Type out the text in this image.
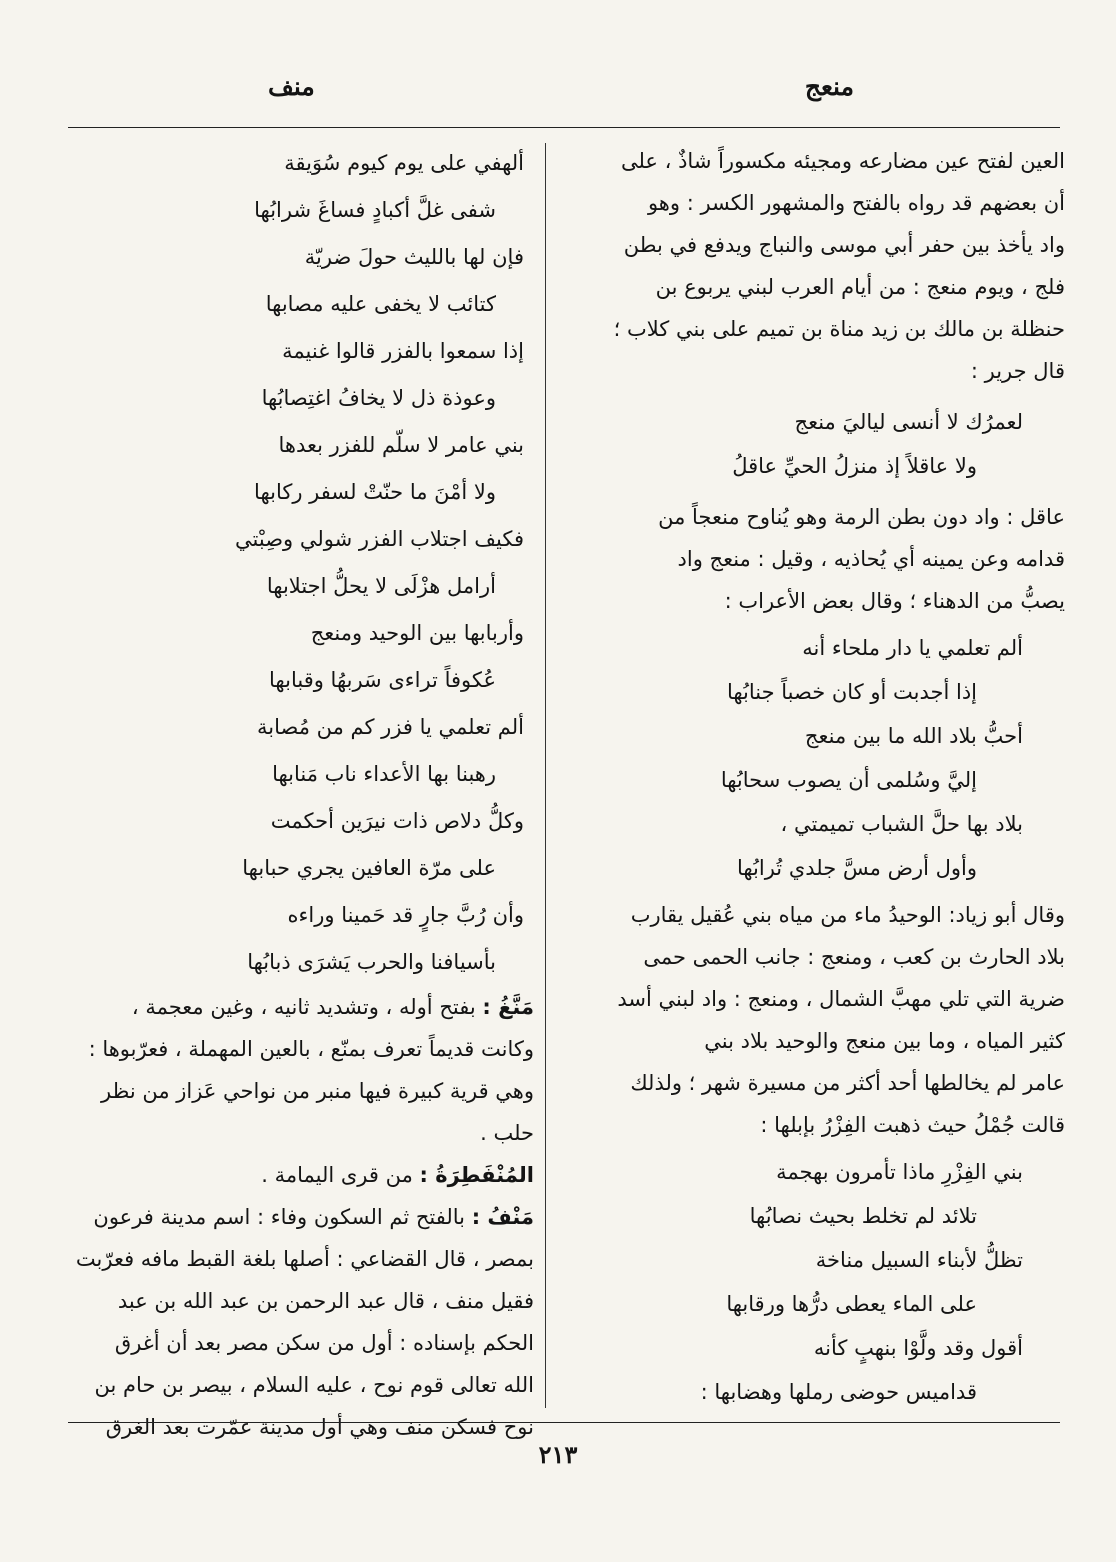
منعج
منف
العين لفتح عين مضارعه ومجيئه مكسوراً شاذٌ ، على
أن بعضهم قد رواه بالفتح والمشهور الكسر : وهو
واد يأخذ بين حفر أبي موسى والنباج ويدفع في بطن
فلج ، ويوم منعج : من أيام العرب لبني يربوع بن
حنظلة بن مالك بن زيد مناة بن تميم على بني كلاب ؛
قال جرير :
لعمرُك لا أنسى لياليَ منعج
ولا عاقلاً إذ منزلُ الحيِّ عاقلُ
عاقل : واد دون بطن الرمة وهو يُناوح منعجاً من
قدامه وعن يمينه أي يُحاذيه ، وقيل : منعج واد
يصبُّ من الدهناء ؛ وقال بعض الأعراب :
ألم تعلمي يا دار ملحاء أنه
إذا أجدبت أو كان خصباً جنابُها
أحبُّ بلاد الله ما بين منعج
إليَّ وسُلمى أن يصوب سحابُها
بلاد بها حلَّ الشباب تميمتي ،
وأول أرض مسَّ جلدي تُرابُها
وقال أبو زياد: الوحيدُ ماء من مياه بني عُقيل يقارب
بلاد الحارث بن كعب ، ومنعج : جانب الحمى حمى
ضرية التي تلي مهبَّ الشمال ، ومنعج : واد لبني أسد
كثير المياه ، وما بين منعج والوحيد بلاد بني
عامر لم يخالطها أحد أكثر من مسيرة شهر ؛ ولذلك
قالت جُمْلُ حيث ذهبت الفِزْرُ بإبلها :
بني الفِزْرِ ماذا تأمرون بهجمة
تلائد لم تخلط بحيث نصابُها
تظلُّ لأبناء السبيل مناخة
على الماء يعطى درُّها ورقابها
أقول وقد ولَّوْا بنهبٍ كأنه
قداميس حوضى رملها وهضابها :
ألهفي على يوم كيوم سُوَيقة
شفى غلَّ أكبادٍ فساغَ شرابُها
فإن لها بالليث حولَ ضريّة
كتائب لا يخفى عليه مصابها
إذا سمعوا بالفزر قالوا غنيمة
وعوذة ذل لا يخافُ اغتِصابُها
بني عامر لا سلّم للفزر بعدها
ولا أمْنَ ما حنّتْ لسفر ركابها
فكيف اجتلاب الفزر شولي وصِبْتي
أرامل هزْلَى لا يحلُّ اجتلابها
وأربابها بين الوحيد ومنعج
عُكوفاً تراءى سَربهُا وقبابها
ألم تعلمي يا فزر كم من مُصابة
رهبنا بها الأعداء ناب مَنابها
وكلُّ دلاص ذات نيرَين أحكمت
على مرّة العافين يجري حبابها
وأن رُبَّ جارٍ قد حَمينا وراءه
بأسيافنا والحرب يَشرَى ذبابُها
مَنَّغُ : بفتح أوله ، وتشديد ثانيه ، وغين معجمة ،
وكانت قديماً تعرف بمنّع ، بالعين المهملة ، فعرّبوها :
وهي قرية كبيرة فيها منبر من نواحي عَزاز من نظر
حلب .
المُنْفَطِرَةُ : من قرى اليمامة .
مَنْفُ : بالفتح ثم السكون وفاء : اسم مدينة فرعون
بمصر ، قال القضاعي : أصلها بلغة القبط مافه فعرّبت
فقيل منف ، قال عبد الرحمن بن عبد الله بن عبد
الحكم بإسناده : أول من سكن مصر بعد أن أغرق
الله تعالى قوم نوح ، عليه السلام ، بيصر بن حام بن
نوح فسكن منف وهي أول مدينة عمّرت بعد الغرق
٢١٣
